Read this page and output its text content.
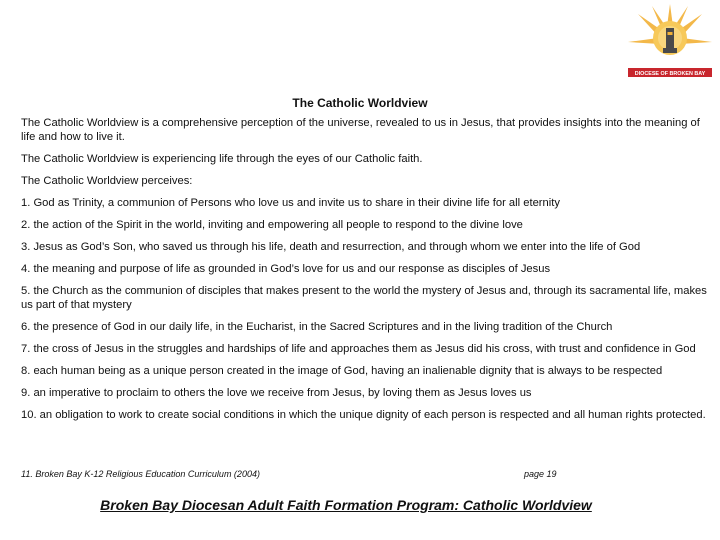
DIOCESE OF BROKEN BAY
The Catholic Worldview

The Catholic Worldview is a comprehensive perception of the universe, revealed to us in Jesus, that provides insights into the meaning of life and how to live it.

The Catholic Worldview is experiencing life through the eyes of our Catholic faith.

The Catholic Worldview perceives:

1. God as Trinity, a communion of Persons who love us and invite us to share in their divine life for all eternity

2. the action of the Spirit in the world, inviting and empowering all people to respond to the divine love

3. Jesus as God’s Son, who saved us through his life, death and resurrection, and through whom we enter into the life of God

4. the meaning and purpose of life as grounded in God’s love for us and our response as disciples of Jesus

5. the Church as the communion of disciples that makes present to the world the mystery of Jesus and, through its sacramental life, makes us part of that mystery

6. the presence of God in our daily life, in the Eucharist, in the Sacred Scriptures and in the living tradition of the Church

7. the cross of Jesus in the struggles and hardships of life and approaches them as Jesus did his cross, with trust and confidence in God

8. each human being as a unique person created in the image of God, having an inalienable dignity that is always to be respected

9. an imperative to proclaim to others the love we receive from Jesus, by loving them as Jesus loves us

10. an obligation to work to create social conditions in which the unique dignity of each person is respected and all human rights protected.

11. Broken Bay K-12 Religious Education Curriculum (2004)	page 19
Broken Bay Diocesan Adult Faith Formation Program: Catholic Worldview
